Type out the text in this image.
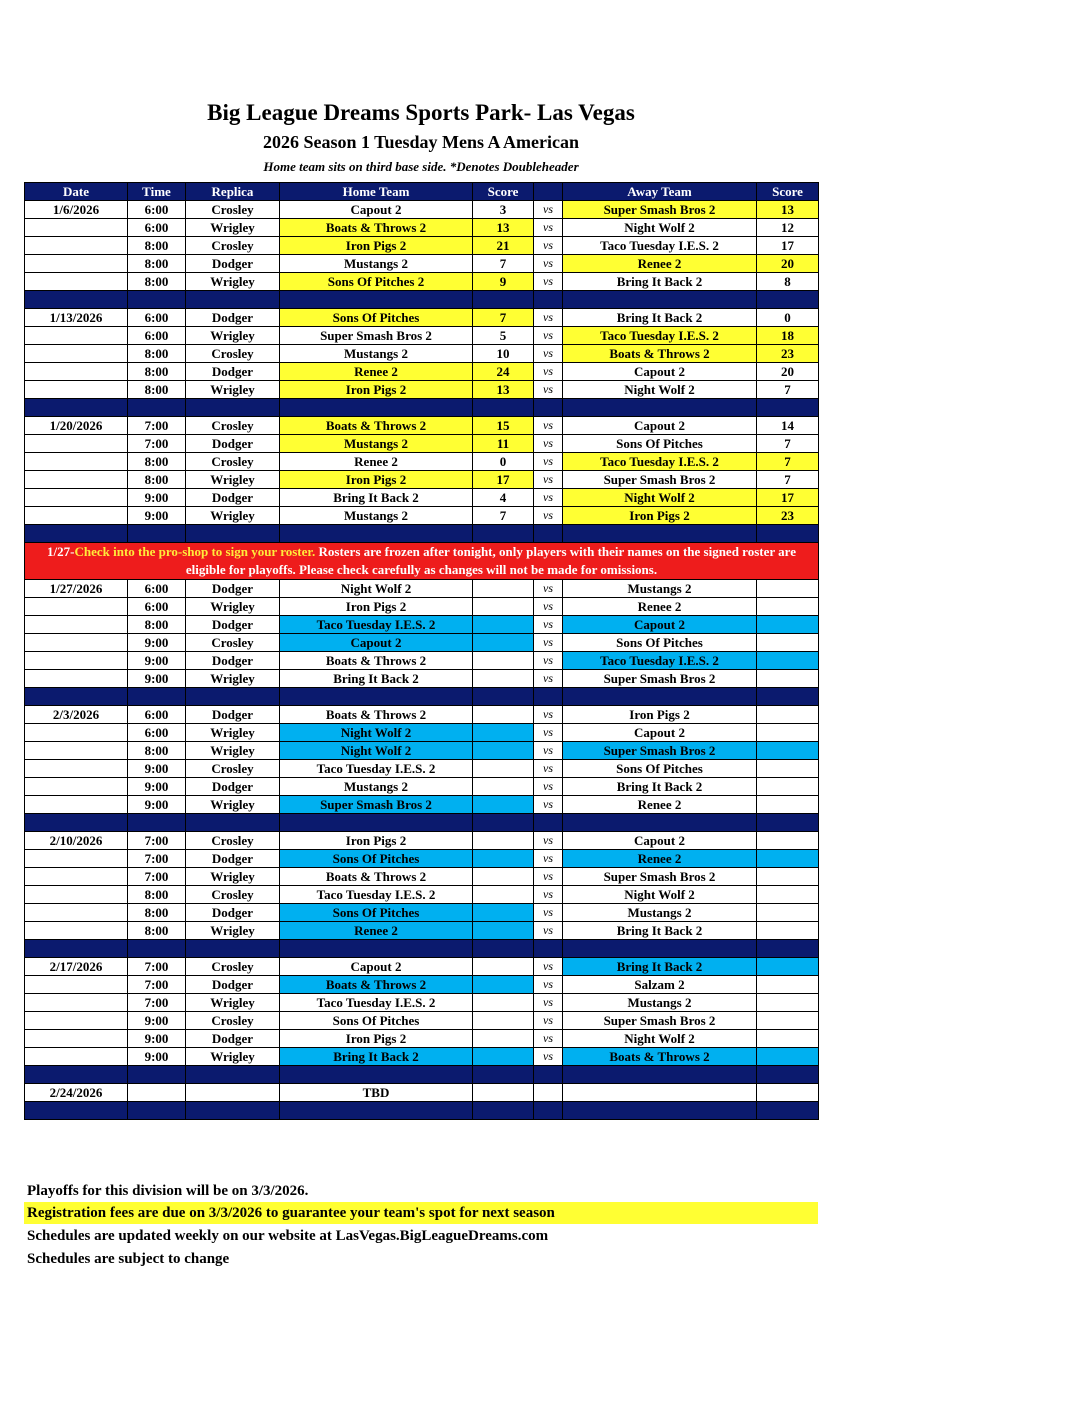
Big League Dreams Sports Park- Las Vegas
2026 Season 1 Tuesday Mens A American
Home team sits on third base side. *Denotes Doubleheader
Date	Time	Replica	Home Team	Score		Away Team	Score
1/6/2026	6:00	Crosley	Capout 2	3	vs	Super Smash Bros 2	13
	6:00	Wrigley	Boats & Throws 2	13	vs	Night Wolf 2	12
	8:00	Crosley	Iron Pigs 2	21	vs	Taco Tuesday I.E.S. 2	17
	8:00	Dodger	Mustangs 2	7	vs	Renee 2	20
	8:00	Wrigley	Sons Of Pitches 2	9	vs	Bring It Back 2	8

1/13/2026	6:00	Dodger	Sons Of Pitches	7	vs	Bring It Back 2	0
	6:00	Wrigley	Super Smash Bros 2	5	vs	Taco Tuesday I.E.S. 2	18
	8:00	Crosley	Mustangs 2	10	vs	Boats & Throws 2	23
	8:00	Dodger	Renee 2	24	vs	Capout 2	20
	8:00	Wrigley	Iron Pigs 2	13	vs	Night Wolf 2	7

1/20/2026	7:00	Crosley	Boats & Throws 2	15	vs	Capout 2	14
	7:00	Dodger	Mustangs 2	11	vs	Sons Of Pitches	7
	8:00	Crosley	Renee 2	0	vs	Taco Tuesday I.E.S. 2	7
	8:00	Wrigley	Iron Pigs 2	17	vs	Super Smash Bros 2	7
	9:00	Dodger	Bring It Back 2	4	vs	Night Wolf 2	17
	9:00	Wrigley	Mustangs 2	7	vs	Iron Pigs 2	23

1/27-Check into the pro-shop to sign your roster. Rosters are frozen after tonight, only players with their names on the signed roster are eligible for playoffs. Please check carefully as changes will not be made for omissions.							
1/27/2026	6:00	Dodger	Night Wolf 2		vs	Mustangs 2	
	6:00	Wrigley	Iron Pigs 2		vs	Renee 2	
	8:00	Dodger	Taco Tuesday I.E.S. 2		vs	Capout 2	
	9:00	Crosley	Capout 2		vs	Sons Of Pitches	
	9:00	Dodger	Boats & Throws 2		vs	Taco Tuesday I.E.S. 2	
	9:00	Wrigley	Bring It Back 2		vs	Super Smash Bros 2	

2/3/2026	6:00	Dodger	Boats & Throws 2		vs	Iron Pigs 2	
	6:00	Wrigley	Night Wolf 2		vs	Capout 2	
	8:00	Wrigley	Night Wolf 2		vs	Super Smash Bros 2	
	9:00	Crosley	Taco Tuesday I.E.S. 2		vs	Sons Of Pitches	
	9:00	Dodger	Mustangs 2		vs	Bring It Back 2	
	9:00	Wrigley	Super Smash Bros 2		vs	Renee 2	

2/10/2026	7:00	Crosley	Iron Pigs 2		vs	Capout 2	
	7:00	Dodger	Sons Of Pitches		vs	Renee 2	
	7:00	Wrigley	Boats & Throws 2		vs	Super Smash Bros 2	
	8:00	Crosley	Taco Tuesday I.E.S. 2		vs	Night Wolf 2	
	8:00	Dodger	Sons Of Pitches		vs	Mustangs 2	
	8:00	Wrigley	Renee 2		vs	Bring It Back 2	

2/17/2026	7:00	Crosley	Capout 2		vs	Bring It Back 2	
	7:00	Dodger	Boats & Throws 2		vs	Salzam 2	
	7:00	Wrigley	Taco Tuesday I.E.S. 2		vs	Mustangs 2	
	9:00	Crosley	Sons Of Pitches		vs	Super Smash Bros 2	
	9:00	Dodger	Iron Pigs 2		vs	Night Wolf 2	
	9:00	Wrigley	Bring It Back 2		vs	Boats & Throws 2	

2/24/2026			TBD				

Playoffs for this division will be on 3/3/2026.
Registration fees are due on 3/3/2026 to guarantee your team's spot for next season
Schedules are updated weekly on our website at LasVegas.BigLeagueDreams.com
Schedules are subject to change
